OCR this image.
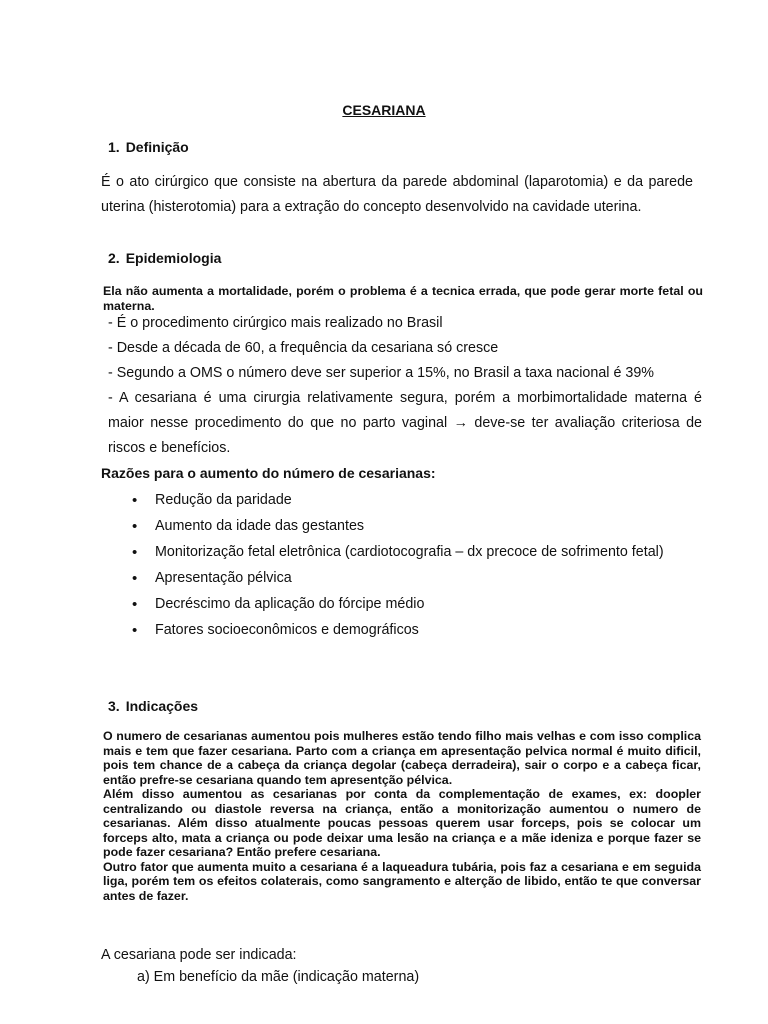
CESARIANA
1. Definição
É o ato cirúrgico que consiste na abertura da parede abdominal (laparotomia) e da parede uterina (histerotomia) para a extração do concepto desenvolvido na cavidade uterina.
2. Epidemiologia
Ela não aumenta a mortalidade, porém o problema é a tecnica errada, que pode gerar morte fetal ou materna.
- É o procedimento cirúrgico mais realizado no Brasil
- Desde a década de 60, a frequência da cesariana só cresce
- Segundo a OMS o número deve ser superior a 15%, no Brasil a taxa nacional é 39%
- A cesariana é uma cirurgia relativamente segura, porém a morbimortalidade materna é maior nesse procedimento do que no parto vaginal → deve-se ter avaliação criteriosa de riscos e benefícios.
Razões para o aumento do número de cesarianas:
• Redução da paridade
• Aumento da idade das gestantes
• Monitorização fetal eletrônica (cardiotocografia – dx precoce de sofrimento fetal)
• Apresentação pélvica
• Decréscimo da aplicação do fórcipe médio
• Fatores socioeconômicos e demográficos
3. Indicações

O numero de cesarianas aumentou pois mulheres estão tendo filho mais velhas e com isso complica mais e tem que fazer cesariana. Parto com a criança em apresentação pelvica normal é muito dificil, pois tem chance de a cabeça da criança degolar (cabeça derradeira), sair o corpo e a cabeça ficar, então prefre-se cesariana quando tem apresentção pélvica.

Além disso aumentou as cesarianas por conta da complementação de exames, ex: doopler centralizando ou diastole reversa na criança, então a monitorização aumentou o numero de cesarianas. Além disso atualmente poucas pessoas querem usar forceps, pois se colocar um forceps alto, mata a criança ou pode deixar uma lesão na criança e a mãe ideniza e porque fazer se pode fazer cesariana? Então prefere cesariana.

Outro fator que aumenta muito a cesariana é a laqueadura tubária, pois faz a cesariana e em seguida liga, porém tem os efeitos colaterais, como sangramento e alterção de libido, então te que conversar antes de fazer.

A cesariana pode ser indicada:
a) Em benefício da mãe (indicação materna)
